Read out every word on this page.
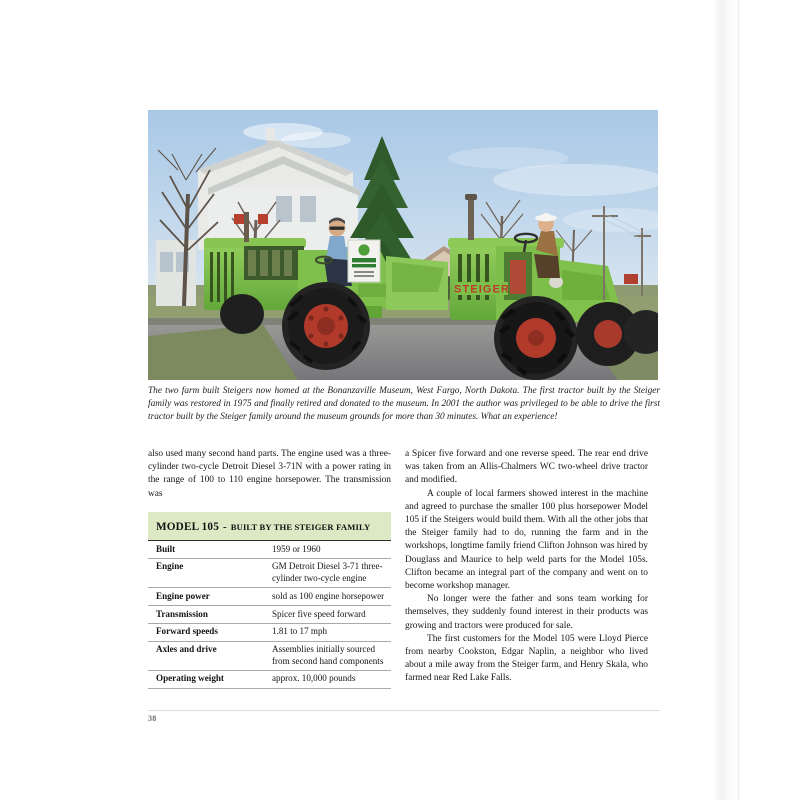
STEIGER
The two farm built Steigers now homed at the Bonanzaville Museum, West Fargo, North Dakota. The first tractor built by the Steiger family was restored in 1975 and finally retired and donated to the museum. In 2001 the author was privileged to be able to drive the first tractor built by the Steiger family around the museum grounds for more than 30 minutes. What an experience!

also used many second hand parts. The engine used was a three-cylinder two-cycle Detroit Diesel 3-71N with a power rating in the range of 100 to 110 engine horsepower. The transmission was

MODEL 105 - BUILT BY THE STEIGER FAMILY	
Built	1959 or 1960
Engine	GM Detroit Diesel 3-71 three-cylinder two-cycle engine
Engine power	sold as 100 engine horsepower
Transmission	Spicer five speed forward
Forward speeds	1.81 to 17 mph
Axles and drive	Assemblies initially sourced from second hand components
Operating weight	approx. 10,000 pounds

a Spicer five forward and one reverse speed. The rear end drive was taken from an Allis-Chalmers WC two-wheel drive tractor and modified.

A couple of local farmers showed interest in the machine and agreed to purchase the smaller 100 plus horsepower Model 105 if the Steigers would build them. With all the other jobs that the Steiger family had to do, running the farm and in the workshops, longtime family friend Clifton Johnson was hired by Douglass and Maurice to help weld parts for the Model 105s. Clifton became an integral part of the company and went on to become workshop manager.

No longer were the father and sons team working for themselves, they suddenly found interest in their products was growing and tractors were produced for sale.

The first customers for the Model 105 were Lloyd Pierce from nearby Cookston, Edgar Naplin, a neighbor who lived about a mile away from the Steiger farm, and Henry Skala, who farmed near Red Lake Falls.

38
